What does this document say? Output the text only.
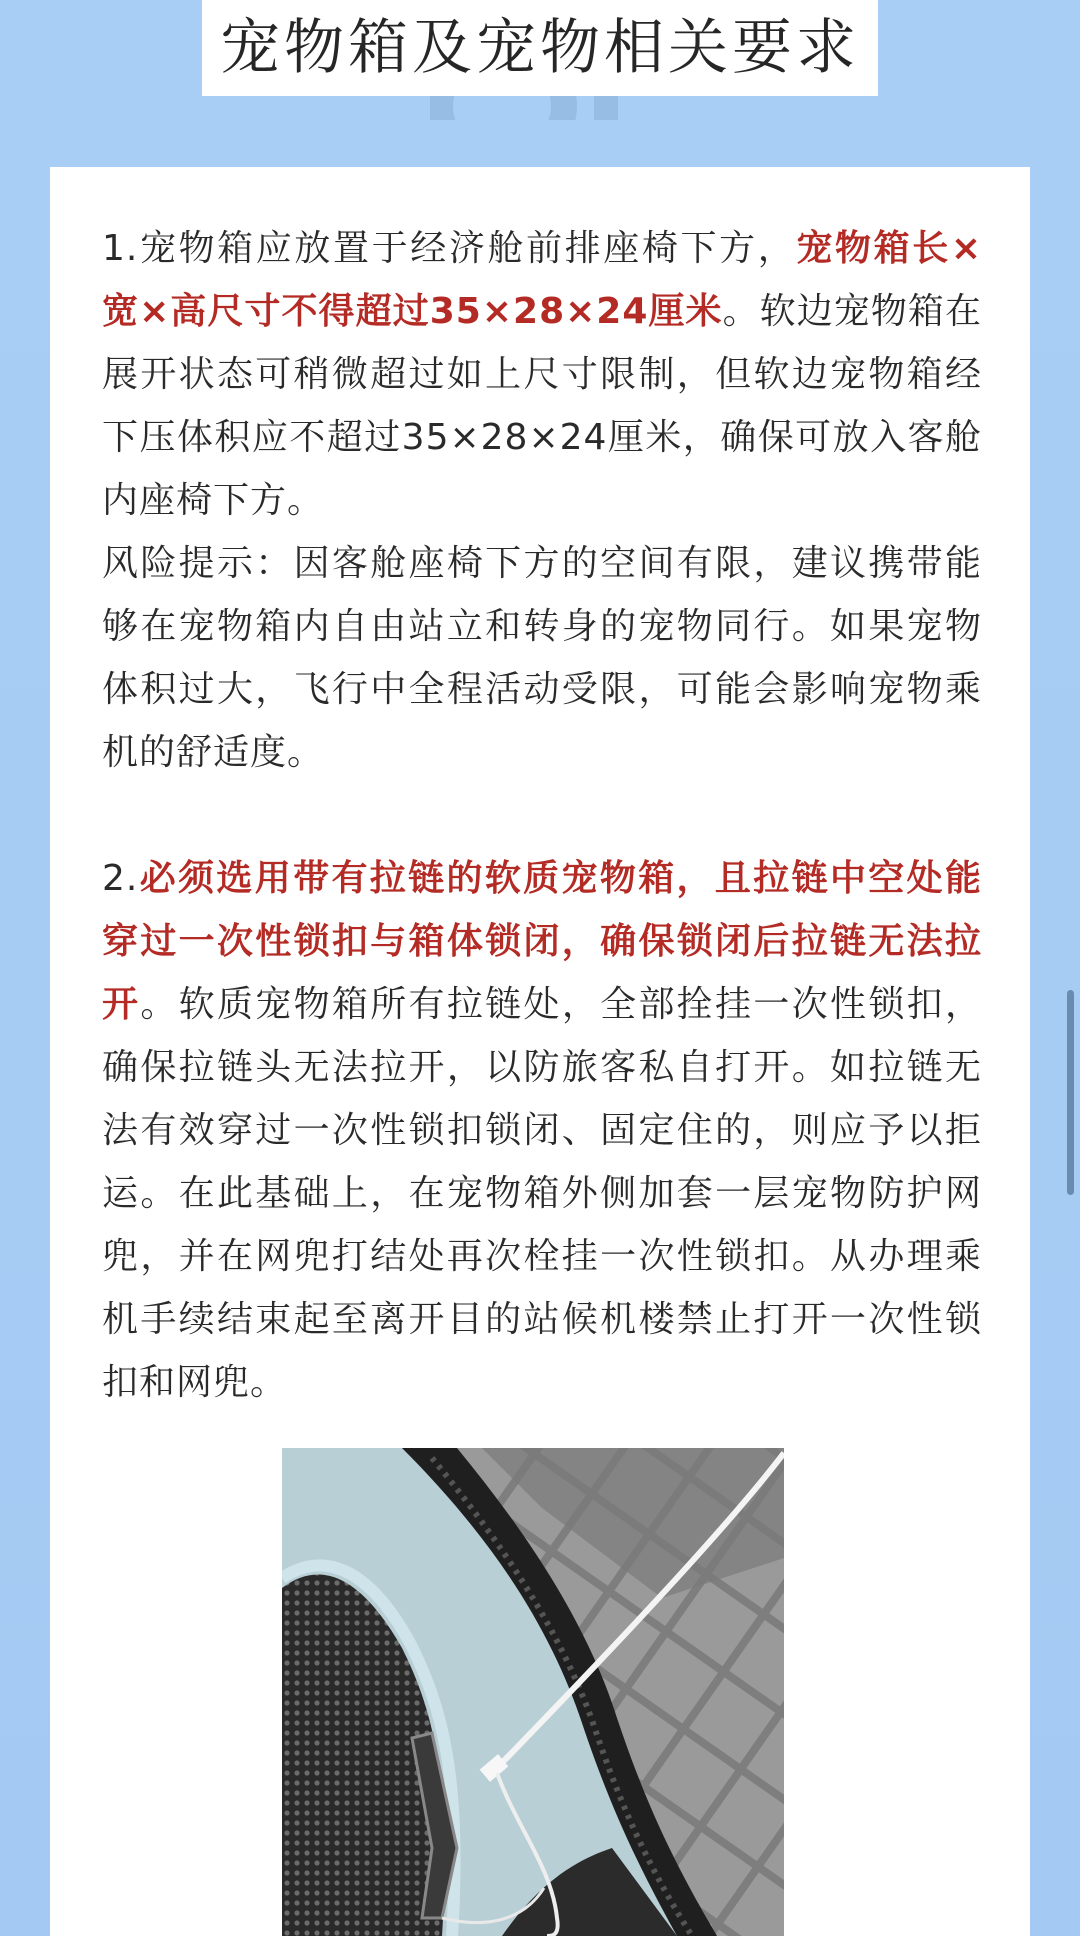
宠物箱及宠物相关要求

1.宠物箱应放置于经济舱前排座椅下方，宠物箱长×宽×高尺寸不得超过35×28×24厘米。软边宠物箱在展开状态可稍微超过如上尺寸限制，但软边宠物箱经下压体积应不超过35×28×24厘米，确保可放入客舱内座椅下方。

风险提示：因客舱座椅下方的空间有限，建议携带能够在宠物箱内自由站立和转身的宠物同行。如果宠物体积过大，飞行中全程活动受限，可能会影响宠物乘机的舒适度。

2.必须选用带有拉链的软质宠物箱，且拉链中空处能穿过一次性锁扣与箱体锁闭，确保锁闭后拉链无法拉开。软质宠物箱所有拉链处，全部拴挂一次性锁扣，确保拉链头无法拉开，以防旅客私自打开。如拉链无法有效穿过一次性锁扣锁闭、固定住的，则应予以拒运。在此基础上，在宠物箱外侧加套一层宠物防护网兜，并在网兜打结处再次栓挂一次性锁扣。从办理乘机手续结束起至离开目的站候机楼禁止打开一次性锁扣和网兜。
